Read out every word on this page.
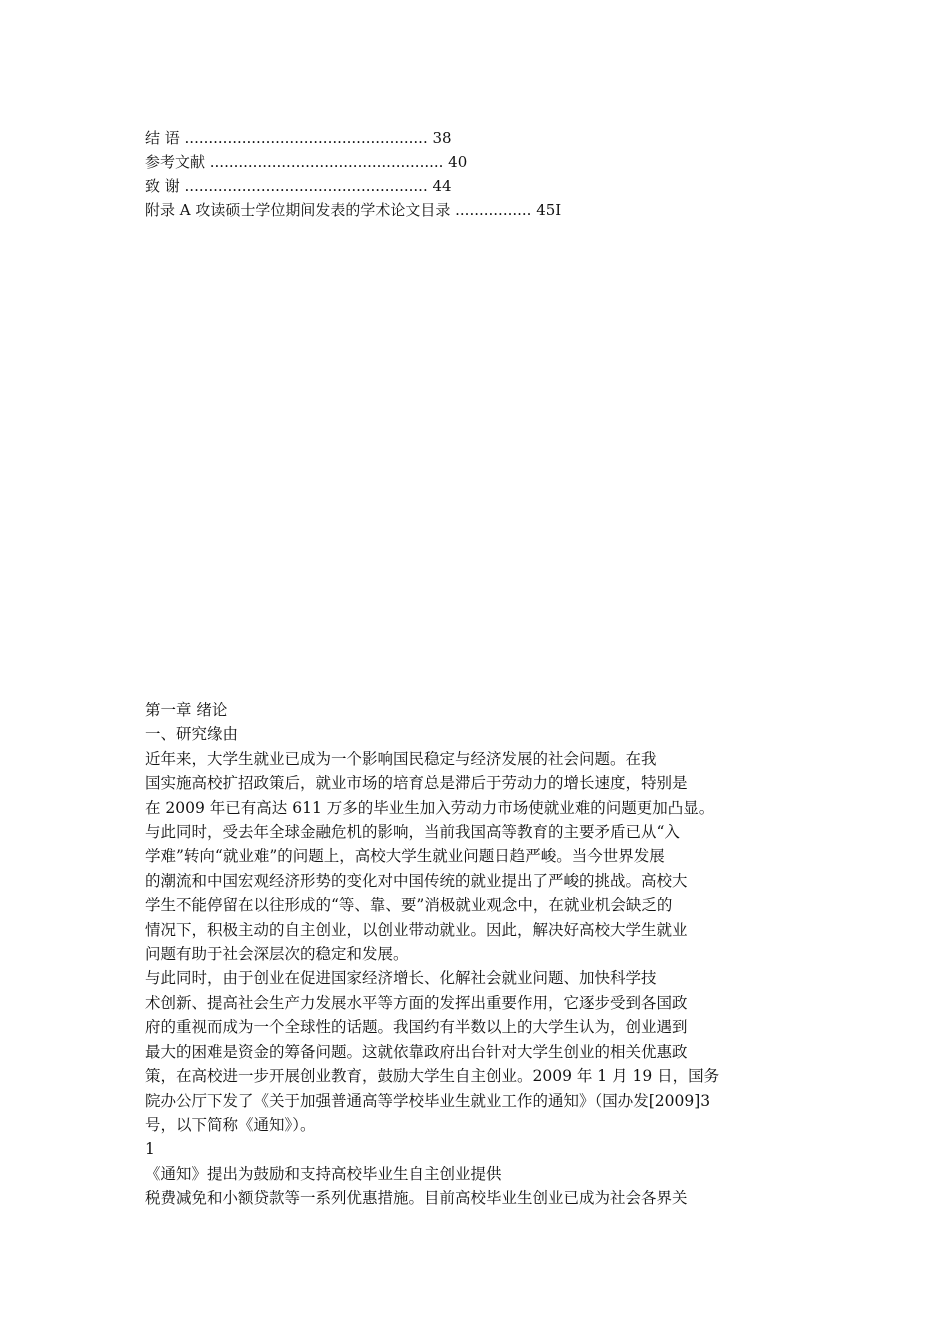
结 语 ................................................... 38
参考文献 ................................................. 40
致 谢 ................................................... 44
附录 A 攻读硕士学位期间发表的学术论文目录 ................ 45I
第一章 绪论
一、研究缘由
近年来，大学生就业已成为一个影响国民稳定与经济发展的社会问题。在我
国实施高校扩招政策后，就业市场的培育总是滞后于劳动力的增长速度，特别是
在 2009 年已有高达 611 万多的毕业生加入劳动力市场使就业难的问题更加凸显。
与此同时，受去年全球金融危机的影响，当前我国高等教育的主要矛盾已从“入
学难”转向“就业难”的问题上，高校大学生就业问题日趋严峻。当今世界发展
的潮流和中国宏观经济形势的变化对中国传统的就业提出了严峻的挑战。高校大
学生不能停留在以往形成的“等、靠、要”消极就业观念中，在就业机会缺乏的
情况下，积极主动的自主创业，以创业带动就业。因此，解决好高校大学生就业
问题有助于社会深层次的稳定和发展。
与此同时，由于创业在促进国家经济增长、化解社会就业问题、加快科学技
术创新、提高社会生产力发展水平等方面的发挥出重要作用，它逐步受到各国政
府的重视而成为一个全球性的话题。我国约有半数以上的大学生认为，创业遇到
最大的困难是资金的筹备问题。这就依靠政府出台针对大学生创业的相关优惠政
策，在高校进一步开展创业教育，鼓励大学生自主创业。2009 年 1 月 19 日，国务
院办公厅下发了《关于加强普通高等学校毕业生就业工作的通知》（国办发[2009]3
号，以下简称《通知》）。
1
《通知》提出为鼓励和支持高校毕业生自主创业提供
税费减免和小额贷款等一系列优惠措施。目前高校毕业生创业已成为社会各界关
